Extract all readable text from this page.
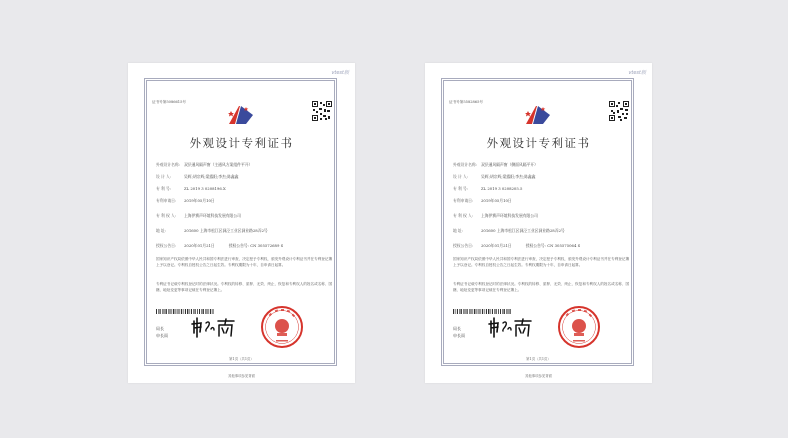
vtest版
证书号第5086615号
外观设计专利证书
外观设计名称: 双层通风隔声窗（主通风方案组件平开）
设 计 人:	吴辉;胡宗辉;梁露阳;李杰;陈鑫鑫
专 利 号:	ZL 2019 3 0208196.X
专利申请日: 2019年05月10日
专 利 权 人: 上海伊赛声环境科技发展有限公司
地 址:	201600 上海市松江区洞泾工业区洞业路28弄2号
授权公告日: 2020年01月21日	授权公告号: CN 305572689 S
国家知识产权局依照中华人民共和国专利法进行审查，决定授予专利权，颁发外观设计专利证书并在专利登记簿上予以登记。专利权自授权公告之日起生效。专利权期限为十年，自申请日起算。
专利证书记载专利权登记时的法律状况。专利权的转移、质押、无效、终止、恢复和专利权人的姓名或名称、国籍、地址变更等事项记载在专利登记簿上。
局长
申长雨
第1页（共1页）
其他事项参见背面
vtest版
证书号第5582865号
外观设计专利证书
外观设计名称: 双层通风隔声窗（侧面风隔平开）
设 计 人:	吴辉;胡宗辉;梁露阳;李杰;陈鑫鑫
专 利 号:	ZL 2019 3 0208205.5
专利申请日: 2019年05月10日
专 利 权 人: 上海伊赛声环境科技发展有限公司
地 址:	201600 上海市松江区洞泾工业区洞业路28弄2号
授权公告日: 2020年01月21日	授权公告号: CN 305575064 S
国家知识产权局依照中华人民共和国专利法进行审查，决定授予专利权，颁发外观设计专利证书并在专利登记簿上予以登记。专利权自授权公告之日起生效。专利权期限为十年，自申请日起算。
专利证书记载专利权登记时的法律状况。专利权的转移、质押、无效、终止、恢复和专利权人的姓名或名称、国籍、地址变更等事项记载在专利登记簿上。
局长
申长雨
第1页（共1页）
其他事项参见背面
